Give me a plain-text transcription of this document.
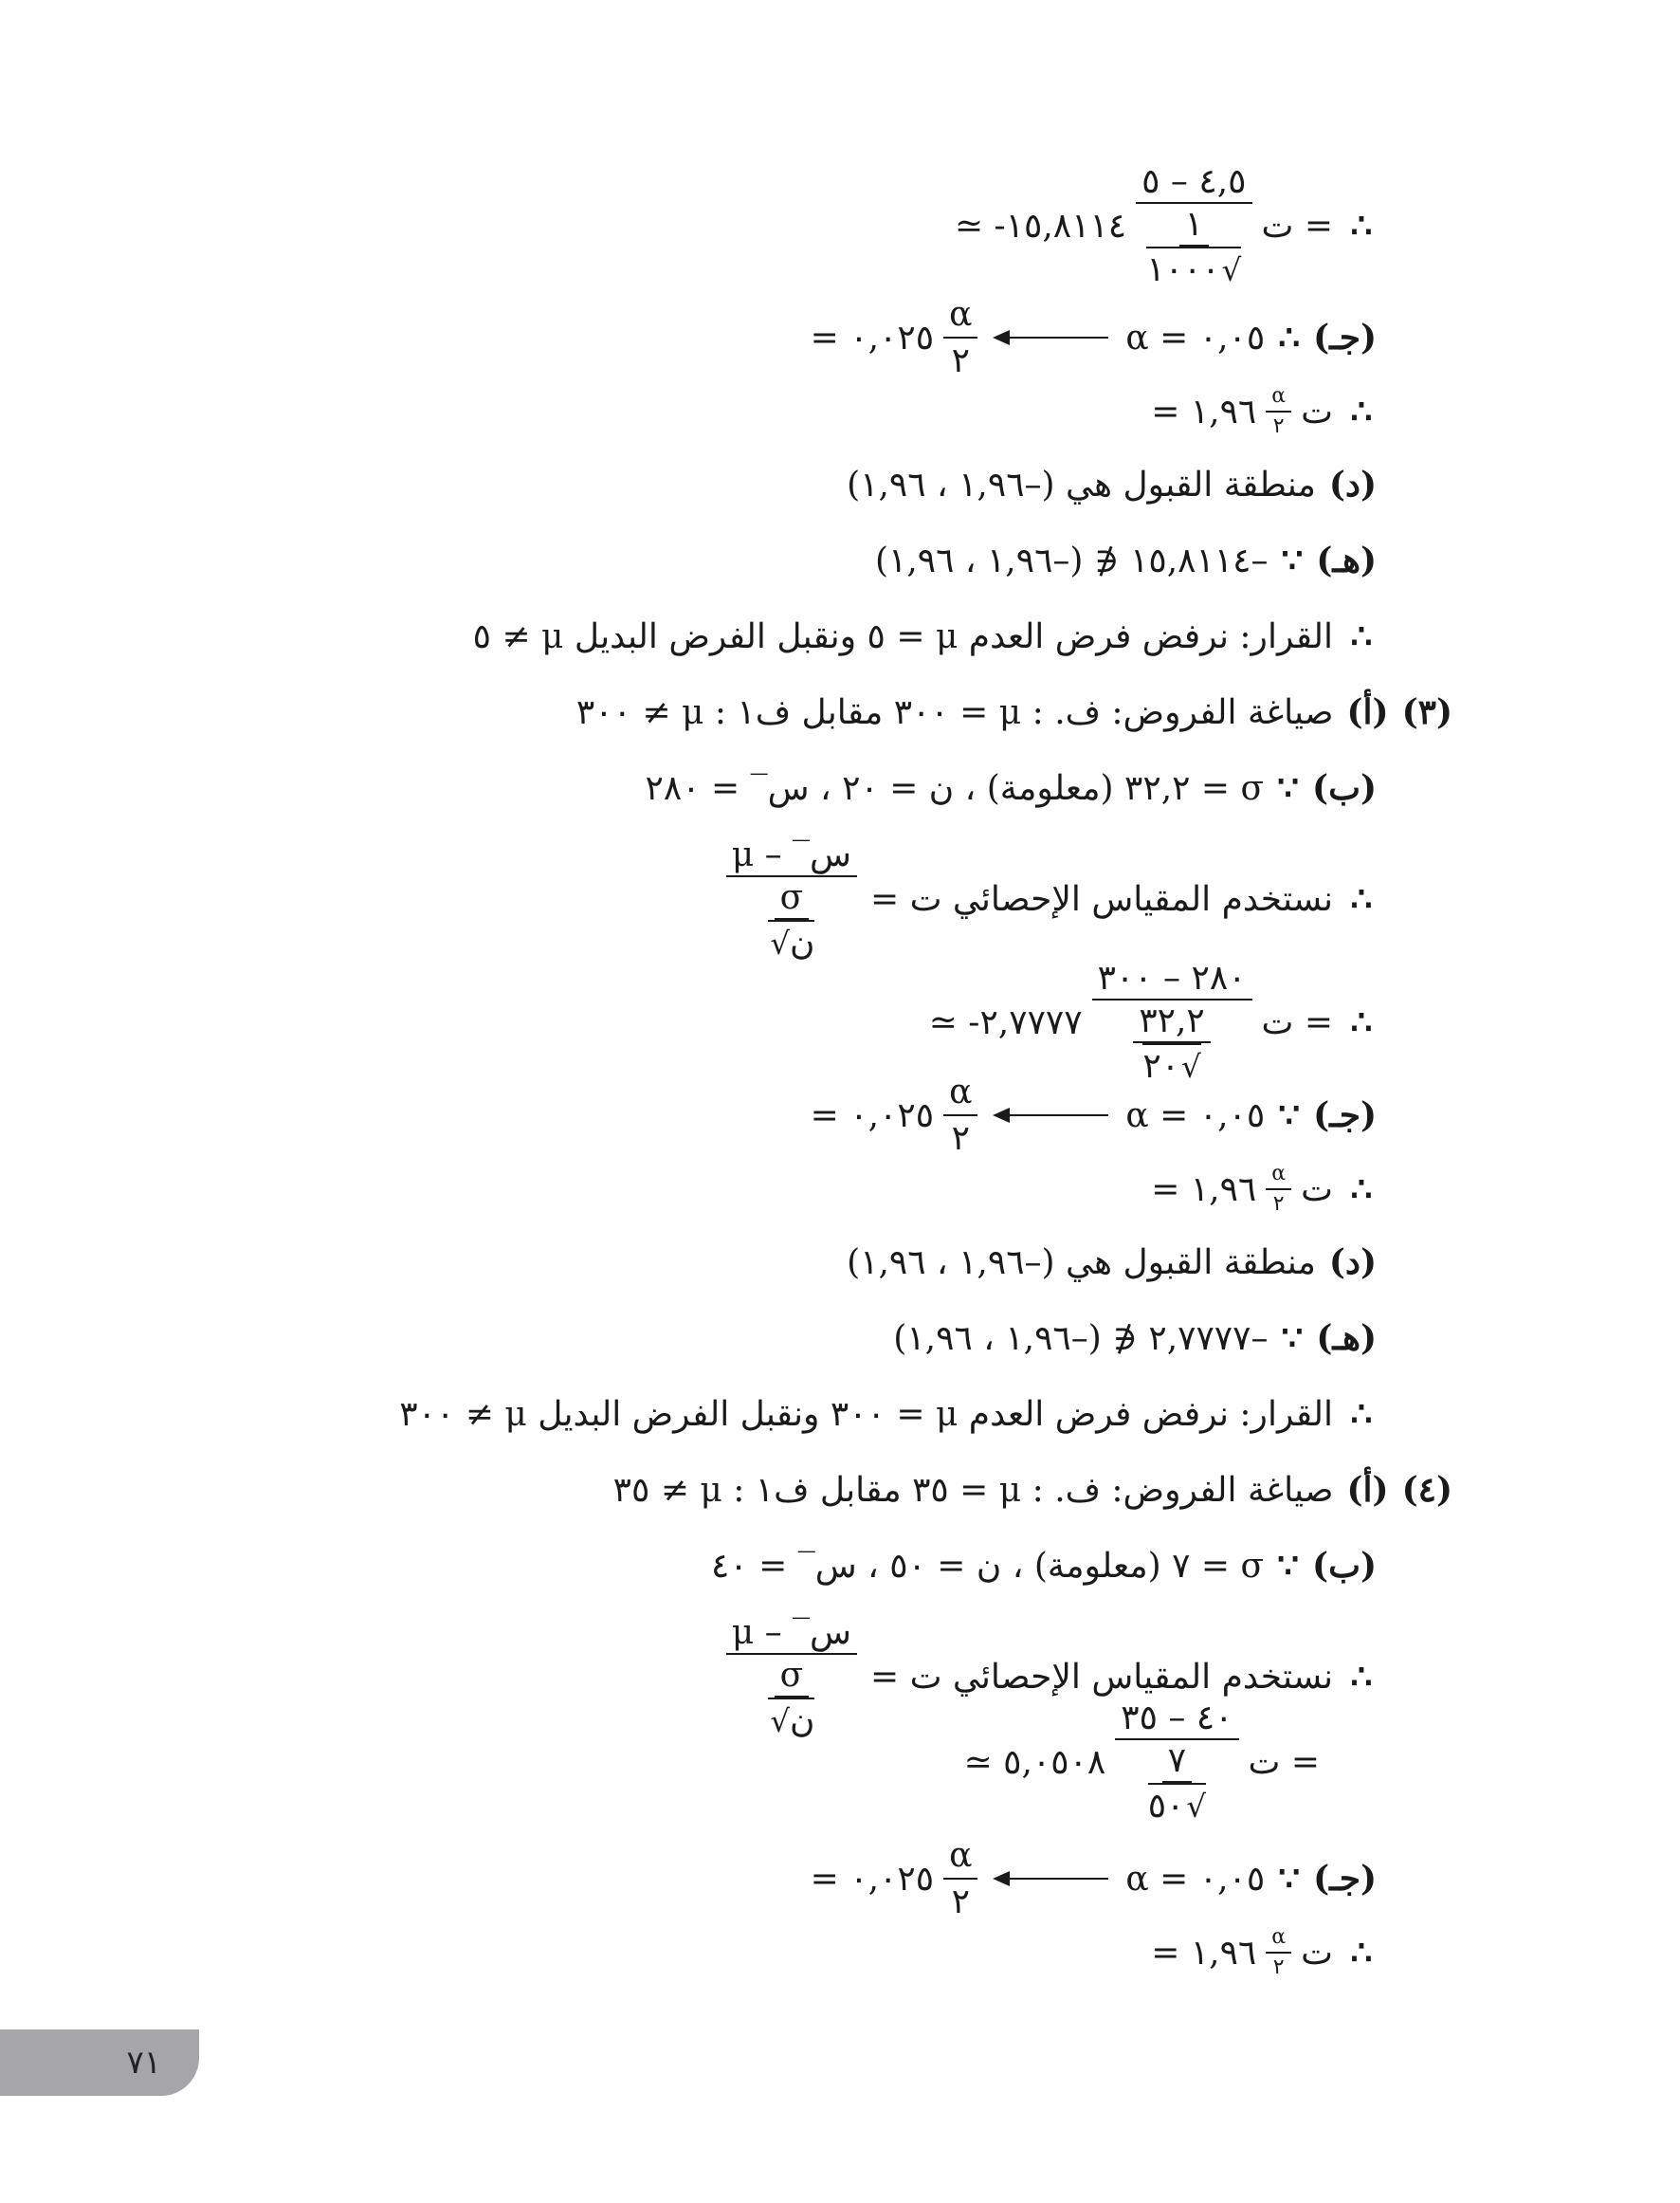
∴
ت =
٤,٥ – ٥
١
١٠٠٠ √
≃ -١٥,٨١١٤
(جـ)
∴
α = ٠,٠٥
$\frac{\alpha}{٢}$
= ٠,٠٢٥
∴
ت
$\frac{\alpha}{٢}$
= ١,٩٦
(د)
منطقة القبول هي (–١,٩٦ ، ١,٩٦)
(هـ)
∵
–١٥,٨١١٤ ∉ (–١,٩٦ ، ١,٩٦)
∴
القرار: نرفض فرض العدم μ = ٥ ونقبل الفرض البديل μ ≠ ٥
(٣)
(أ)
صياغة الفروض: ف. : μ = ٣٠٠ مقابل ف١ : μ ≠ ٣٠٠
(ب)
∵
σ = ٣٢,٢ (معلومة) ، ن = ٢٠ ، س‾ = ٢٨٠
∴
نستخدم المقياس الإحصائي ت =
س‾ – μ
σ
ن √
∴
ت =
٢٨٠ – ٣٠٠
٣٢,٢
٢٠ √
≃ -٢,٧٧٧٧
(جـ)
∵
α = ٠,٠٥
$\frac{\alpha}{٢}$
= ٠,٠٢٥
∴
ت
$\frac{\alpha}{٢}$
= ١,٩٦
(د)
منطقة القبول هي (–١,٩٦ ، ١,٩٦)
(هـ)
∵
–٢,٧٧٧٧ ∉ (–١,٩٦ ، ١,٩٦)
∴
القرار: نرفض فرض العدم μ = ٣٠٠ ونقبل الفرض البديل μ ≠ ٣٠٠
(٤)
(أ)
صياغة الفروض: ف. : μ = ٣٥ مقابل ف١ : μ ≠ ٣٥
(ب)
∵
σ = ٧ (معلومة) ، ن = ٥٠ ، س‾ = ٤٠
∴
نستخدم المقياس الإحصائي ت =
س‾ – μ
σ
ن √
ت =
٤٠ – ٣٥
٧
٥٠ √
≃ ٥,٠٥٠٨
(جـ)
∵
α = ٠,٠٥
$\frac{\alpha}{٢}$
= ٠,٠٢٥
∴
ت
$\frac{\alpha}{٢}$
= ١,٩٦
٧١
